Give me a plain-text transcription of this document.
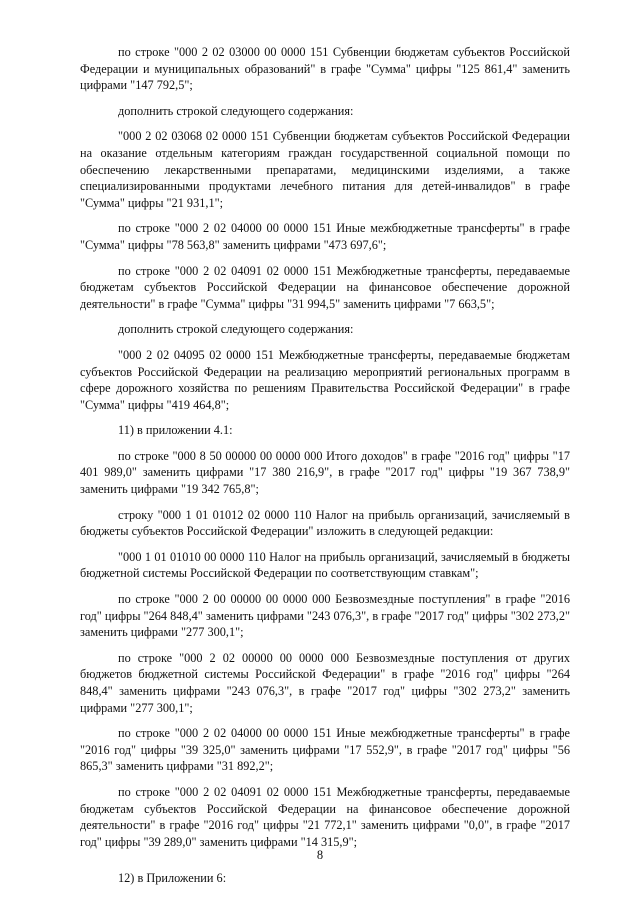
по строке "000 2 02 03000 00 0000 151 Субвенции бюджетам субъектов Российской Федерации и муниципальных образований" в графе "Сумма" цифры "125 861,4" заменить цифрами "147 792,5";

дополнить строкой следующего содержания:

"000 2 02 03068 02 0000 151 Субвенции бюджетам субъектов Российской Федерации на оказание отдельным категориям граждан государственной социальной помощи по обеспечению лекарственными препаратами, медицинскими изделиями, а также специализированными продуктами лечебного питания для детей-инвалидов" в графе "Сумма" цифры "21 931,1";

по строке "000 2 02 04000 00 0000 151 Иные межбюджетные трансферты" в графе "Сумма" цифры "78 563,8" заменить цифрами "473 697,6";

по строке "000 2 02 04091 02 0000 151 Межбюджетные трансферты, передаваемые бюджетам субъектов Российской Федерации на финансовое обеспечение дорожной деятельности" в графе "Сумма" цифры "31 994,5" заменить цифрами "7 663,5";

дополнить строкой следующего содержания:

"000 2 02 04095 02 0000 151 Межбюджетные трансферты, передаваемые бюджетам субъектов Российской Федерации на реализацию мероприятий региональных программ в сфере дорожного хозяйства по решениям Правительства Российской Федерации" в графе "Сумма" цифры "419 464,8";

11) в приложении 4.1:

по строке "000 8 50 00000 00 0000 000 Итого доходов" в графе "2016 год" цифры "17 401 989,0" заменить цифрами "17 380 216,9", в графе "2017 год" цифры "19 367 738,9" заменить цифрами "19 342 765,8";

строку "000 1 01 01012 02 0000 110 Налог на прибыль организаций, зачисляемый в бюджеты субъектов Российской Федерации" изложить в следующей редакции:

"000 1 01 01010 00 0000 110 Налог на прибыль организаций, зачисляемый в бюджеты бюджетной системы Российской Федерации по соответствующим ставкам";

по строке "000 2 00 00000 00 0000 000 Безвозмездные поступления" в графе "2016 год" цифры "264 848,4" заменить цифрами "243 076,3", в графе "2017 год" цифры "302 273,2" заменить цифрами "277 300,1";

по строке "000 2 02 00000 00 0000 000 Безвозмездные поступления от других бюджетов бюджетной системы Российской Федерации" в графе "2016 год" цифры "264 848,4" заменить цифрами "243 076,3", в графе "2017 год" цифры "302 273,2" заменить цифрами "277 300,1";

по строке "000 2 02 04000 00 0000 151 Иные межбюджетные трансферты" в графе "2016 год" цифры "39 325,0" заменить цифрами "17 552,9", в графе "2017 год" цифры "56 865,3" заменить цифрами "31 892,2";

по строке "000 2 02 04091 02 0000 151 Межбюджетные трансферты, передаваемые бюджетам субъектов Российской Федерации на финансовое обеспечение дорожной деятельности" в графе "2016 год" цифры "21 772,1" заменить цифрами "0,0", в графе "2017 год" цифры "39 289,0" заменить цифрами "14 315,9";

12) в Приложении 6:

8
